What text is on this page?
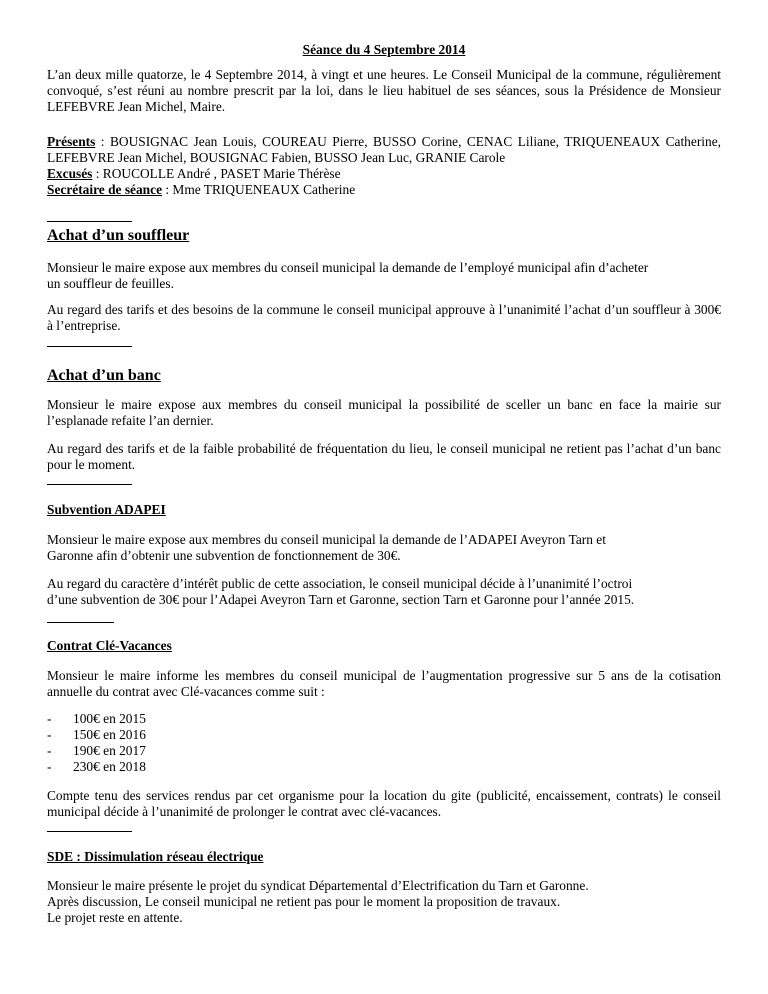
Séance du 4 Septembre 2014
L’an deux mille quatorze, le 4 Septembre 2014, à vingt et une heures. Le Conseil Municipal de la commune, régulièrement convoqué, s’est réuni au nombre prescrit par la loi, dans le lieu habituel de ses séances, sous la Présidence de Monsieur LEFEBVRE Jean Michel, Maire.
Présents : BOUSIGNAC Jean Louis, COUREAU Pierre, BUSSO Corine, CENAC Liliane, TRIQUENEAUX Catherine, LEFEBVRE Jean Michel, BOUSIGNAC Fabien, BUSSO Jean Luc, GRANIE Carole
Excusés : ROUCOLLE André , PASET Marie Thérèse
Secrétaire de séance : Mme TRIQUENEAUX Catherine
Achat d’un souffleur
Monsieur le maire expose aux membres du conseil municipal la demande de l’employé municipal afin d’acheter
un souffleur de feuilles.
Au regard des tarifs et des besoins de la commune le conseil municipal approuve à l’unanimité l’achat d’un souffleur à 300€ à l’entreprise.
Achat d’un banc
Monsieur le maire expose aux membres du conseil municipal la possibilité de sceller un banc en face la mairie sur l’esplanade refaite l’an dernier.
Au regard des tarifs et de la faible probabilité de fréquentation du lieu, le conseil municipal ne retient pas l’achat d’un banc pour le moment.
Subvention ADAPEI
Monsieur le maire expose aux membres du conseil municipal la demande de l’ADAPEI Aveyron Tarn et
Garonne afin d’obtenir une subvention de fonctionnement de 30€.
Au regard du caractère d’intérêt public de cette association, le conseil municipal décide à l’unanimité l’octroi
d’une subvention de 30€ pour l’Adapei Aveyron Tarn et Garonne, section Tarn et Garonne pour l’année 2015.
Contrat Clé-Vacances
Monsieur le maire informe les membres du conseil municipal de l’augmentation progressive sur 5 ans de la cotisation annuelle du contrat avec Clé-vacances comme suit :
- 100€ en 2015
- 150€ en 2016
- 190€ en 2017
- 230€ en 2018
Compte tenu des services rendus par cet organisme pour la location du gite (publicité, encaissement, contrats) le conseil municipal décide à l’unanimité de prolonger le contrat avec clé-vacances.
SDE : Dissimulation réseau électrique
Monsieur le maire présente le projet du syndicat Départemental d’Electrification du Tarn et Garonne.
Après discussion, Le conseil municipal ne retient pas pour le moment la proposition de travaux.
Le projet reste en attente.
